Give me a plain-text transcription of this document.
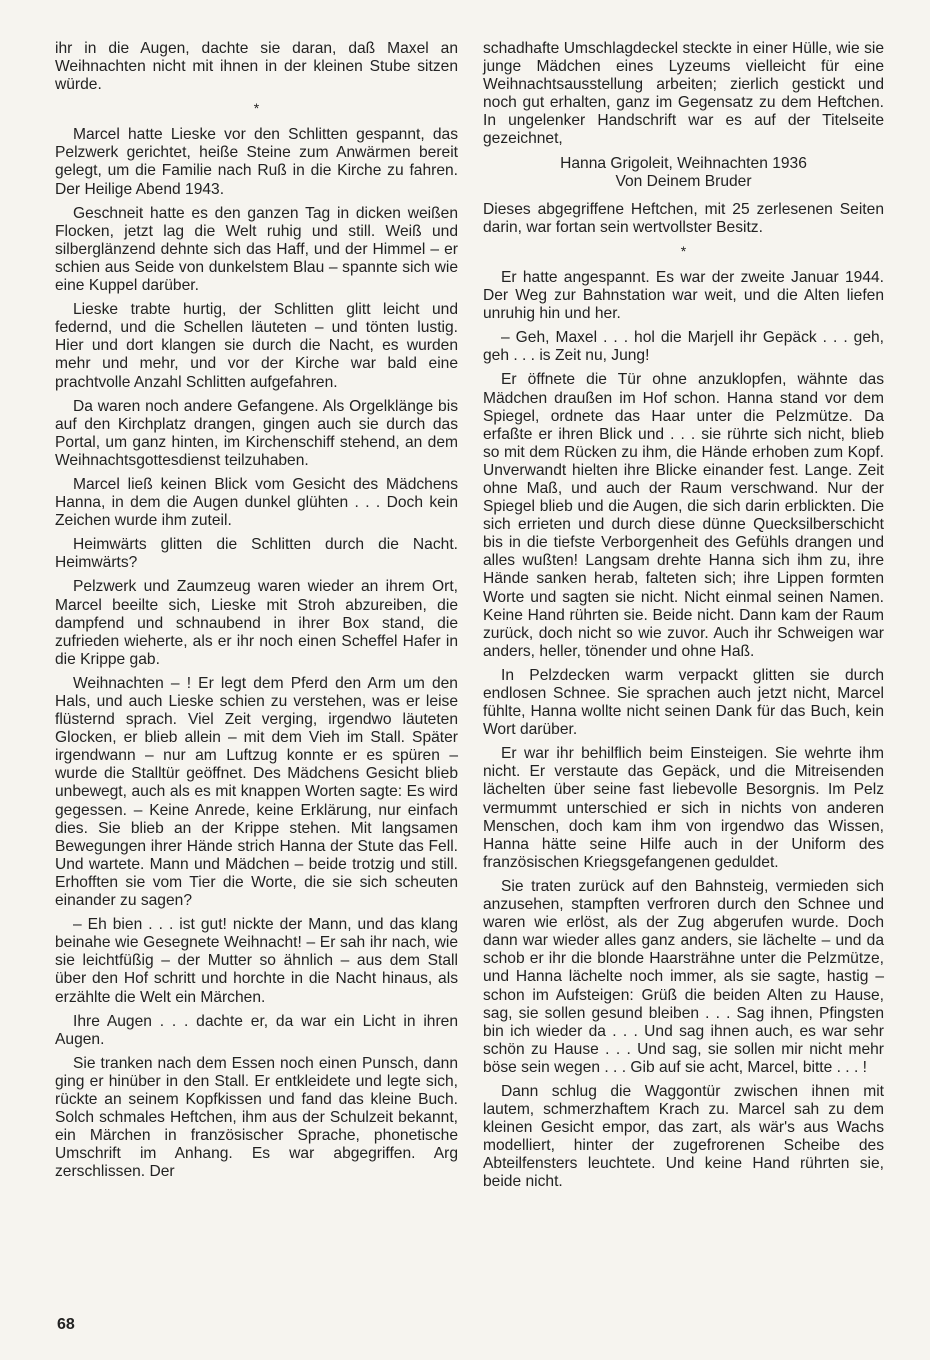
ihr in die Augen, dachte sie daran, daß Maxel an Weihnachten nicht mit ihnen in der kleinen Stube sitzen würde.

*

Marcel hatte Lieske vor den Schlitten gespannt, das Pelzwerk gerichtet, heiße Steine zum Anwärmen bereit gelegt, um die Familie nach Ruß in die Kirche zu fahren. Der Heilige Abend 1943.

Geschneit hatte es den ganzen Tag in dicken weißen Flocken, jetzt lag die Welt ruhig und still. Weiß und silberglänzend dehnte sich das Haff, und der Himmel – er schien aus Seide von dunkelstem Blau – spannte sich wie eine Kuppel darüber.

Lieske trabte hurtig, der Schlitten glitt leicht und federnd, und die Schellen läuteten – und tönten lustig. Hier und dort klangen sie durch die Nacht, es wurden mehr und mehr, und vor der Kirche war bald eine prachtvolle Anzahl Schlitten aufgefahren.

Da waren noch andere Gefangene. Als Orgelklänge bis auf den Kirchplatz drangen, gingen auch sie durch das Portal, um ganz hinten, im Kirchenschiff stehend, an dem Weihnachtsgottesdienst teilzuhaben.

Marcel ließ keinen Blick vom Gesicht des Mädchens Hanna, in dem die Augen dunkel glühten . . . Doch kein Zeichen wurde ihm zuteil.

Heimwärts glitten die Schlitten durch die Nacht. Heimwärts?

Pelzwerk und Zaumzeug waren wieder an ihrem Ort, Marcel beeilte sich, Lieske mit Stroh abzureiben, die dampfend und schnaubend in ihrer Box stand, die zufrieden wieherte, als er ihr noch einen Scheffel Hafer in die Krippe gab.

Weihnachten – ! Er legt dem Pferd den Arm um den Hals, und auch Lieske schien zu verstehen, was er leise flüsternd sprach. Viel Zeit verging, irgendwo läuteten Glocken, er blieb allein – mit dem Vieh im Stall. Später irgendwann – nur am Luftzug konnte er es spüren – wurde die Stalltür geöffnet. Des Mädchens Gesicht blieb unbewegt, auch als es mit knappen Worten sagte: Es wird gegessen. – Keine Anrede, keine Erklärung, nur einfach dies. Sie blieb an der Krippe stehen. Mit langsamen Bewegungen ihrer Hände strich Hanna der Stute das Fell. Und wartete. Mann und Mädchen – beide trotzig und still. Erhofften sie vom Tier die Worte, die sie sich scheuten einander zu sagen?

– Eh bien . . . ist gut! nickte der Mann, und das klang beinahe wie Gesegnete Weihnacht! – Er sah ihr nach, wie sie leichtfüßig – der Mutter so ähnlich – aus dem Stall über den Hof schritt und horchte in die Nacht hinaus, als erzählte die Welt ein Märchen.

Ihre Augen . . . dachte er, da war ein Licht in ihren Augen.

Sie tranken nach dem Essen noch einen Punsch, dann ging er hinüber in den Stall. Er entkleidete und legte sich, rückte an seinem Kopfkissen und fand das kleine Buch. Solch schmales Heftchen, ihm aus der Schulzeit bekannt, ein Märchen in französischer Sprache, phonetische Umschrift im Anhang. Es war abgegriffen. Arg zerschlissen. Der

schadhafte Umschlagdeckel steckte in einer Hülle, wie sie junge Mädchen eines Lyzeums vielleicht für eine Weihnachtsausstellung arbeiten; zierlich gestickt und noch gut erhalten, ganz im Gegensatz zu dem Heftchen. In ungelenker Handschrift war es auf der Titelseite gezeichnet,

Hanna Grigoleit, Weihnachten 1936
Von Deinem Bruder

Dieses abgegriffene Heftchen, mit 25 zerlesenen Seiten darin, war fortan sein wertvollster Besitz.

*

Er hatte angespannt. Es war der zweite Januar 1944. Der Weg zur Bahnstation war weit, und die Alten liefen unruhig hin und her.

– Geh, Maxel . . . hol die Marjell ihr Gepäck . . . geh, geh . . . is Zeit nu, Jung!

Er öffnete die Tür ohne anzuklopfen, wähnte das Mädchen draußen im Hof schon. Hanna stand vor dem Spiegel, ordnete das Haar unter die Pelzmütze. Da erfaßte er ihren Blick und . . . sie rührte sich nicht, blieb so mit dem Rücken zu ihm, die Hände erhoben zum Kopf. Unverwandt hielten ihre Blicke einander fest. Lange. Zeit ohne Maß, und auch der Raum verschwand. Nur der Spiegel blieb und die Augen, die sich darin erblickten. Die sich errieten und durch diese dünne Quecksilberschicht bis in die tiefste Verborgenheit des Gefühls drangen und alles wußten! Langsam drehte Hanna sich ihm zu, ihre Hände sanken herab, falteten sich; ihre Lippen formten Worte und sagten sie nicht. Nicht einmal seinen Namen. Keine Hand rührten sie. Beide nicht. Dann kam der Raum zurück, doch nicht so wie zuvor. Auch ihr Schweigen war anders, heller, tönender und ohne Haß.

In Pelzdecken warm verpackt glitten sie durch endlosen Schnee. Sie sprachen auch jetzt nicht, Marcel fühlte, Hanna wollte nicht seinen Dank für das Buch, kein Wort darüber.

Er war ihr behilflich beim Einsteigen. Sie wehrte ihm nicht. Er verstaute das Gepäck, und die Mitreisenden lächelten über seine fast liebevolle Besorgnis. Im Pelz vermummt unterschied er sich in nichts von anderen Menschen, doch kam ihm von irgendwo das Wissen, Hanna hätte seine Hilfe auch in der Uniform des französischen Kriegsgefangenen geduldet.

Sie traten zurück auf den Bahnsteig, vermieden sich anzusehen, stampften verfroren durch den Schnee und waren wie erlöst, als der Zug abgerufen wurde. Doch dann war wieder alles ganz anders, sie lächelte – und da schob er ihr die blonde Haarsträhne unter die Pelzmütze, und Hanna lächelte noch immer, als sie sagte, hastig – schon im Aufsteigen: Grüß die beiden Alten zu Hause, sag, sie sollen gesund bleiben . . . Sag ihnen, Pfingsten bin ich wieder da . . . Und sag ihnen auch, es war sehr schön zu Hause . . . Und sag, sie sollen mir nicht mehr böse sein wegen . . . Gib auf sie acht, Marcel, bitte . . . !

Dann schlug die Waggontür zwischen ihnen mit lautem, schmerzhaftem Krach zu. Marcel sah zu dem kleinen Gesicht empor, das zart, als wär's aus Wachs modelliert, hinter der zugefrorenen Scheibe des Abteilfensters leuchtete. Und keine Hand rührten sie, beide nicht.

68
